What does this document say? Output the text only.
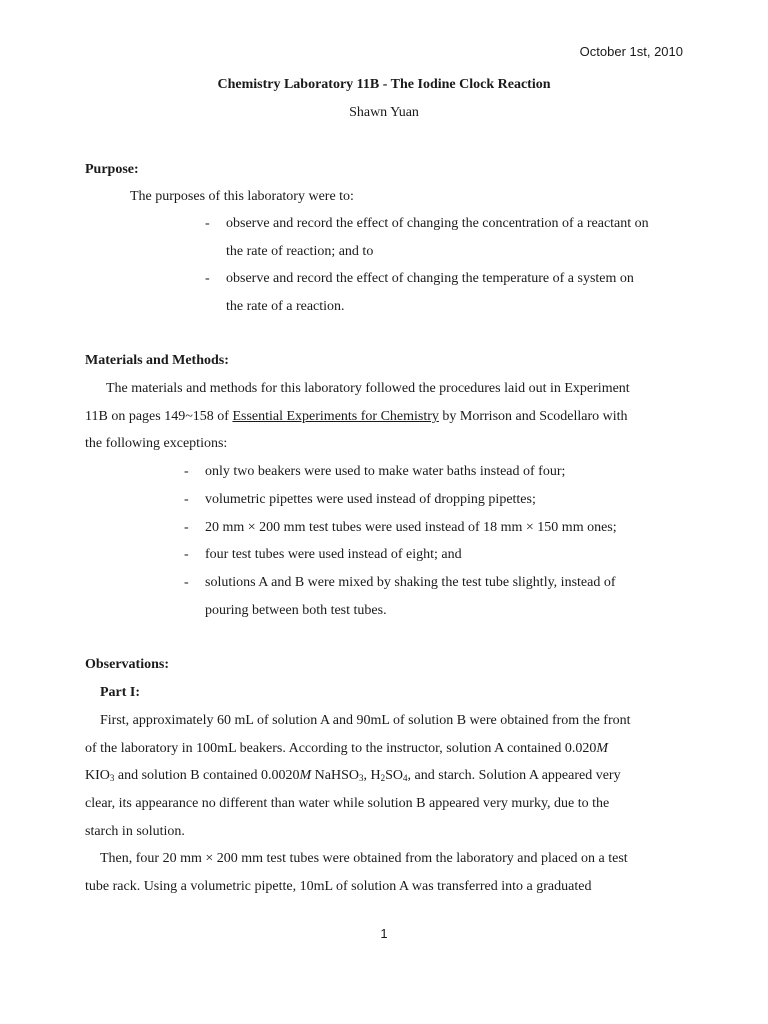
October 1st, 2010
Chemistry Laboratory 11B - The Iodine Clock Reaction
Shawn Yuan
Purpose:
The purposes of this laboratory were to:
- observe and record the effect of changing the concentration of a reactant on
the rate of reaction; and to
- observe and record the effect of changing the temperature of a system on
the rate of a reaction.
Materials and Methods:
The materials and methods for this laboratory followed the procedures laid out in Experiment
11B on pages 149~158 of Essential Experiments for Chemistry by Morrison and Scodellaro with
the following exceptions:
- only two beakers were used to make water baths instead of four;
- volumetric pipettes were used instead of dropping pipettes;
- 20 mm × 200 mm test tubes were used instead of 18 mm × 150 mm ones;
- four test tubes were used instead of eight; and
- solutions A and B were mixed by shaking the test tube slightly, instead of
pouring between both test tubes.
Observations:
Part I:
First, approximately 60 mL of solution A and 90mL of solution B were obtained from the front
of the laboratory in 100mL beakers. According to the instructor, solution A contained 0.020M
$KIO_3$ and solution B contained 0.0020M NaHSO$_3$, $H_2SO_4$, and starch. Solution A appeared very
clear, its appearance no different than water while solution B appeared very murky, due to the
starch in solution.
Then, four 20 mm × 200 mm test tubes were obtained from the laboratory and placed on a test
tube rack. Using a volumetric pipette, 10mL of solution A was transferred into a graduated
1
